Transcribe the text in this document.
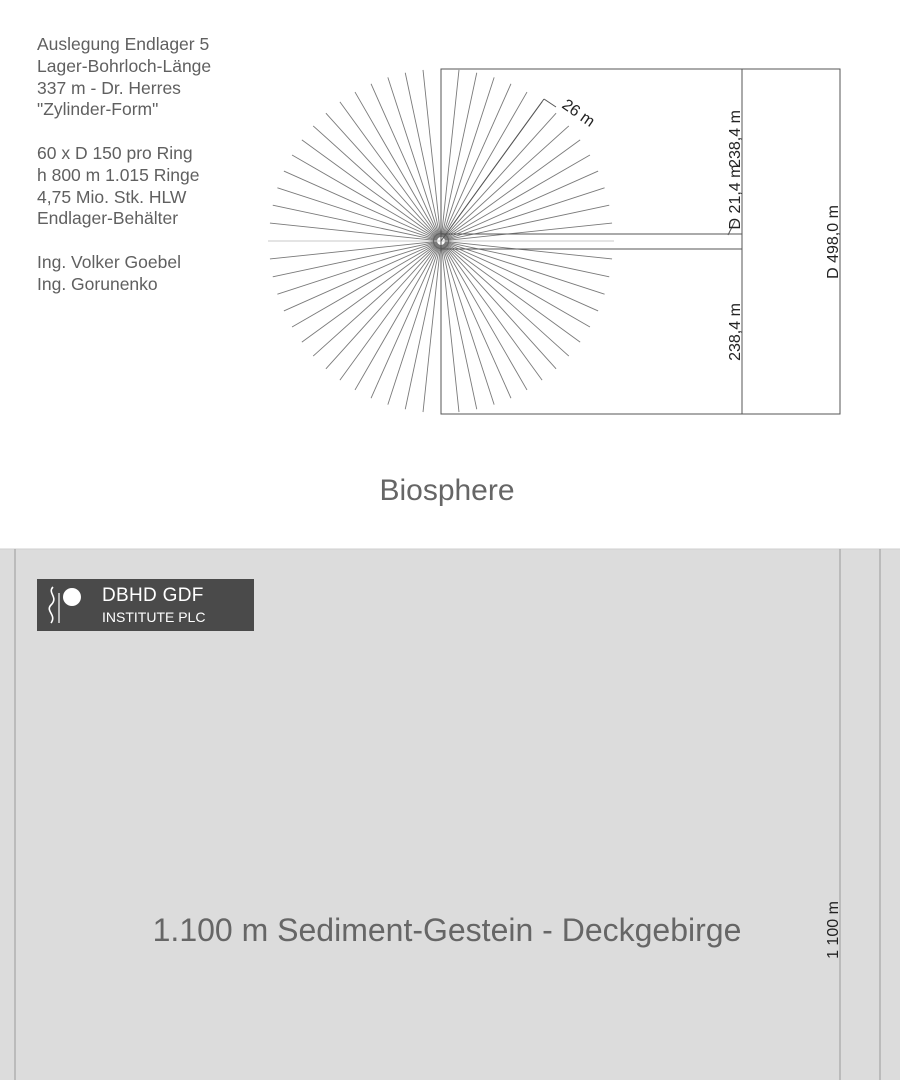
26 m	238,4 m
D 21,4 m
238,4 m
D 498,0 m
1 100 m
Biosphere
1.100 m Sediment-Gestein - Deckgebirge
Auslegung Endlager 5
Lager-Bohrloch-Länge
337 m - Dr. Herres
"Zylinder-Form"
60 x D 150 pro Ring
h 800 m 1.015 Ringe
4,75 Mio. Stk. HLW
Endlager-Behälter
Ing. Volker Goebel
Ing. Gorunenko
DBHD GDF
INSTITUTE PLC
